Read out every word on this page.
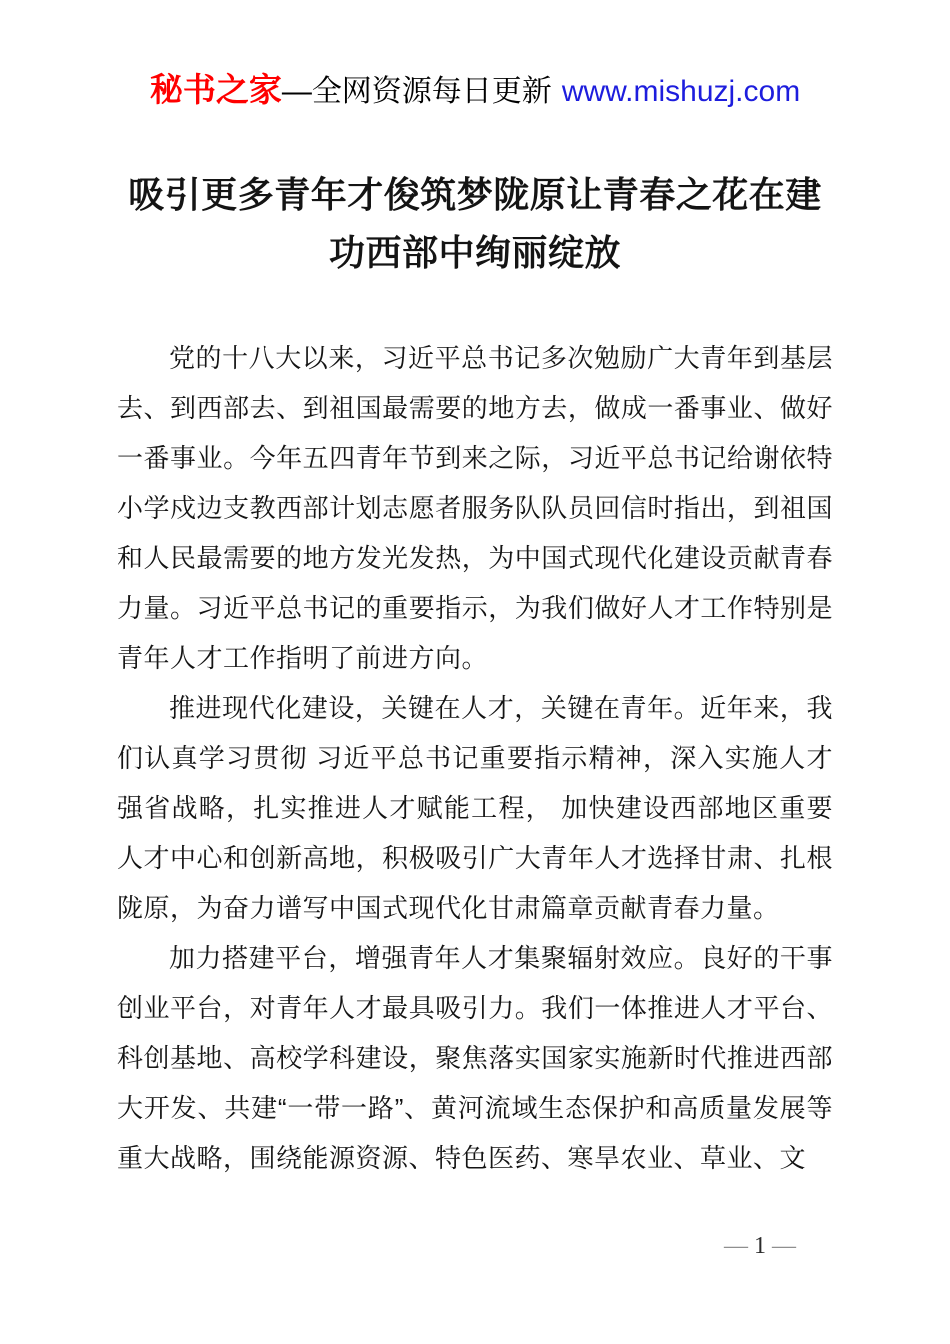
秘书之家—全网资源每日更新 www.mishuzj.com
吸引更多青年才俊筑梦陇原让青春之花在建功西部中绚丽绽放

党的十八大以来，习近平总书记多次勉励广大青年到基层去、到西部去、到祖国最需要的地方去，做成一番事业、做好一番事业。今年五四青年节到来之际，习近平总书记给谢依特小学戍边支教西部计划志愿者服务队队员回信时指出，到祖国和人民最需要的地方发光发热，为中国式现代化建设贡献青春力量。习近平总书记的重要指示，为我们做好人才工作特别是青年人才工作指明了前进方向。

推进现代化建设，关键在人才，关键在青年。近年来，我们认真学习贯彻 习近平总书记重要指示精神，深入实施人才强省战略，扎实推进人才赋能工程， 加快建设西部地区重要人才中心和创新高地，积极吸引广大青年人才选择甘肃、扎根陇原，为奋力谱写中国式现代化甘肃篇章贡献青春力量。

加力搭建平台，增强青年人才集聚辐射效应。良好的干事创业平台，对青年人才最具吸引力。我们一体推进人才平台、科创基地、高校学科建设，聚焦落实国家实施新时代推进西部大开发、共建“一带一路”、黄河流域生态保护和高质量发展等重大战略，围绕能源资源、特色医药、寒旱农业、草业、文

— 1 —
